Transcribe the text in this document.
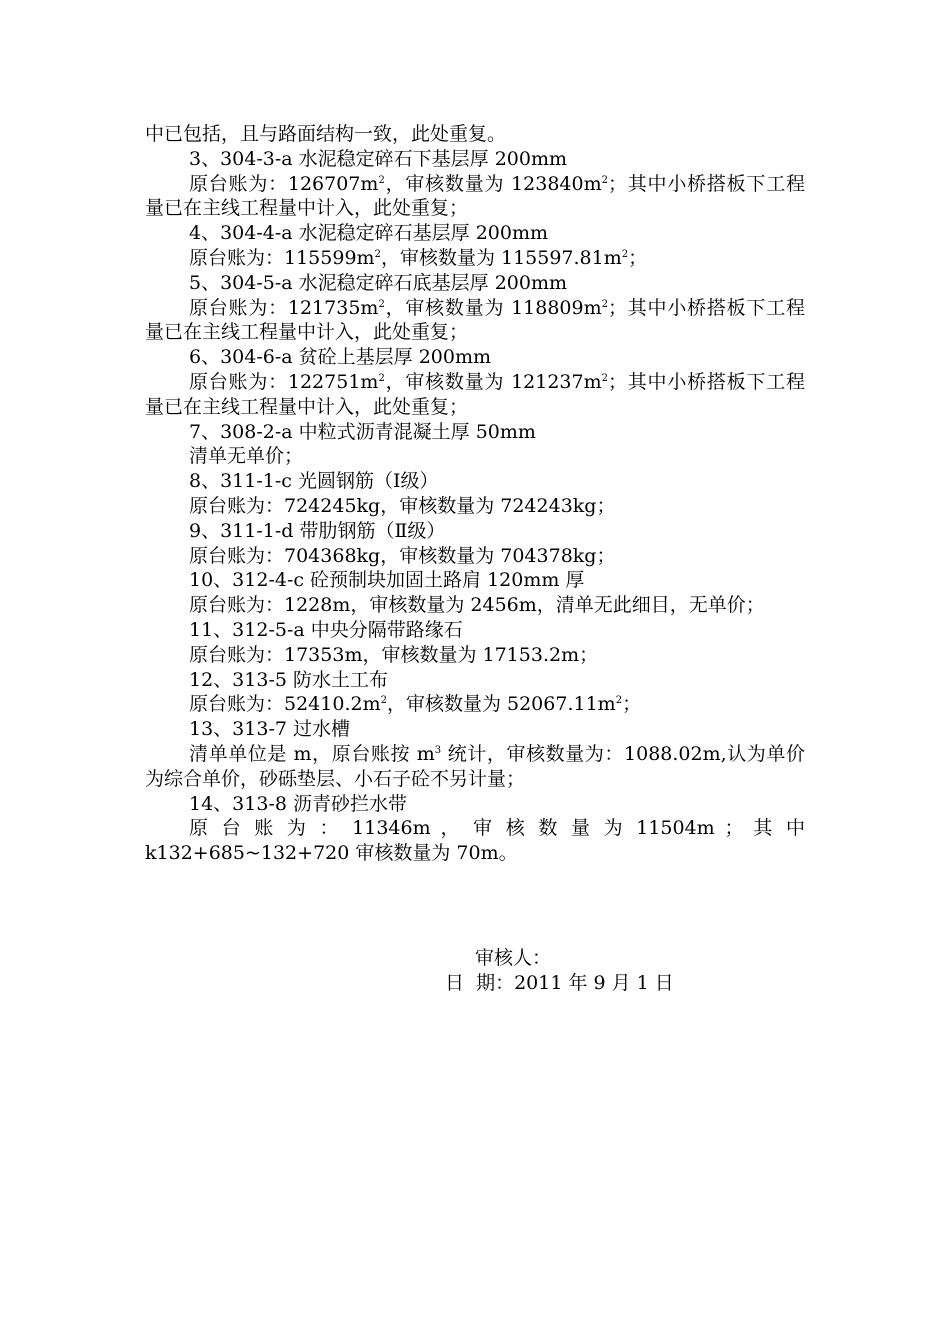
中已包括，且与路面结构一致，此处重复。

3、304-3-a 水泥稳定碎石下基层厚 200mm

原台账为：$126707m^2$，审核数量为 $123840m^2$；其中小桥搭板下工程量已在主线工程量中计入，此处重复；

4、304-4-a 水泥稳定碎石基层厚 200mm

原台账为：$115599m^2$，审核数量为 $115597.81m^2$；

5、304-5-a 水泥稳定碎石底基层厚 200mm

原台账为：$121735m^2$，审核数量为 $118809m^2$；其中小桥搭板下工程量已在主线工程量中计入，此处重复；

6、304-6-a 贫砼上基层厚 200mm

原台账为：$122751m^2$，审核数量为 $121237m^2$；其中小桥搭板下工程量已在主线工程量中计入，此处重复；

7、308-2-a 中粒式沥青混凝土厚 50mm

清单无单价；

8、311-1-c 光圆钢筋（Ⅰ级）

原台账为：724245kg，审核数量为 724243kg；

9、311-1-d 带肋钢筋（Ⅱ级）

原台账为：704368kg，审核数量为 704378kg；

10、312-4-c 砼预制块加固土路肩 120mm 厚

原台账为：1228m，审核数量为 2456m，清单无此细目，无单价；

11、312-5-a 中央分隔带路缘石

原台账为：17353m，审核数量为 17153.2m；

12、313-5 防水土工布

原台账为：$52410.2m^2$，审核数量为 $52067.11m^2$；

13、313-7 过水槽

清单单位是 m，原台账按 $m^3$ 统计，审核数量为：1088.02m,认为单价为综合单价，砂砾垫层、小石子砼不另计量；

14、313-8 沥青砂拦水带

原 台 账 为 ： 11346m ， 审 核 数 量 为 11504m ； 其 中

k132+685~132+720 审核数量为 70m。

审核人：
日  期：2011 年 9 月 1 日
